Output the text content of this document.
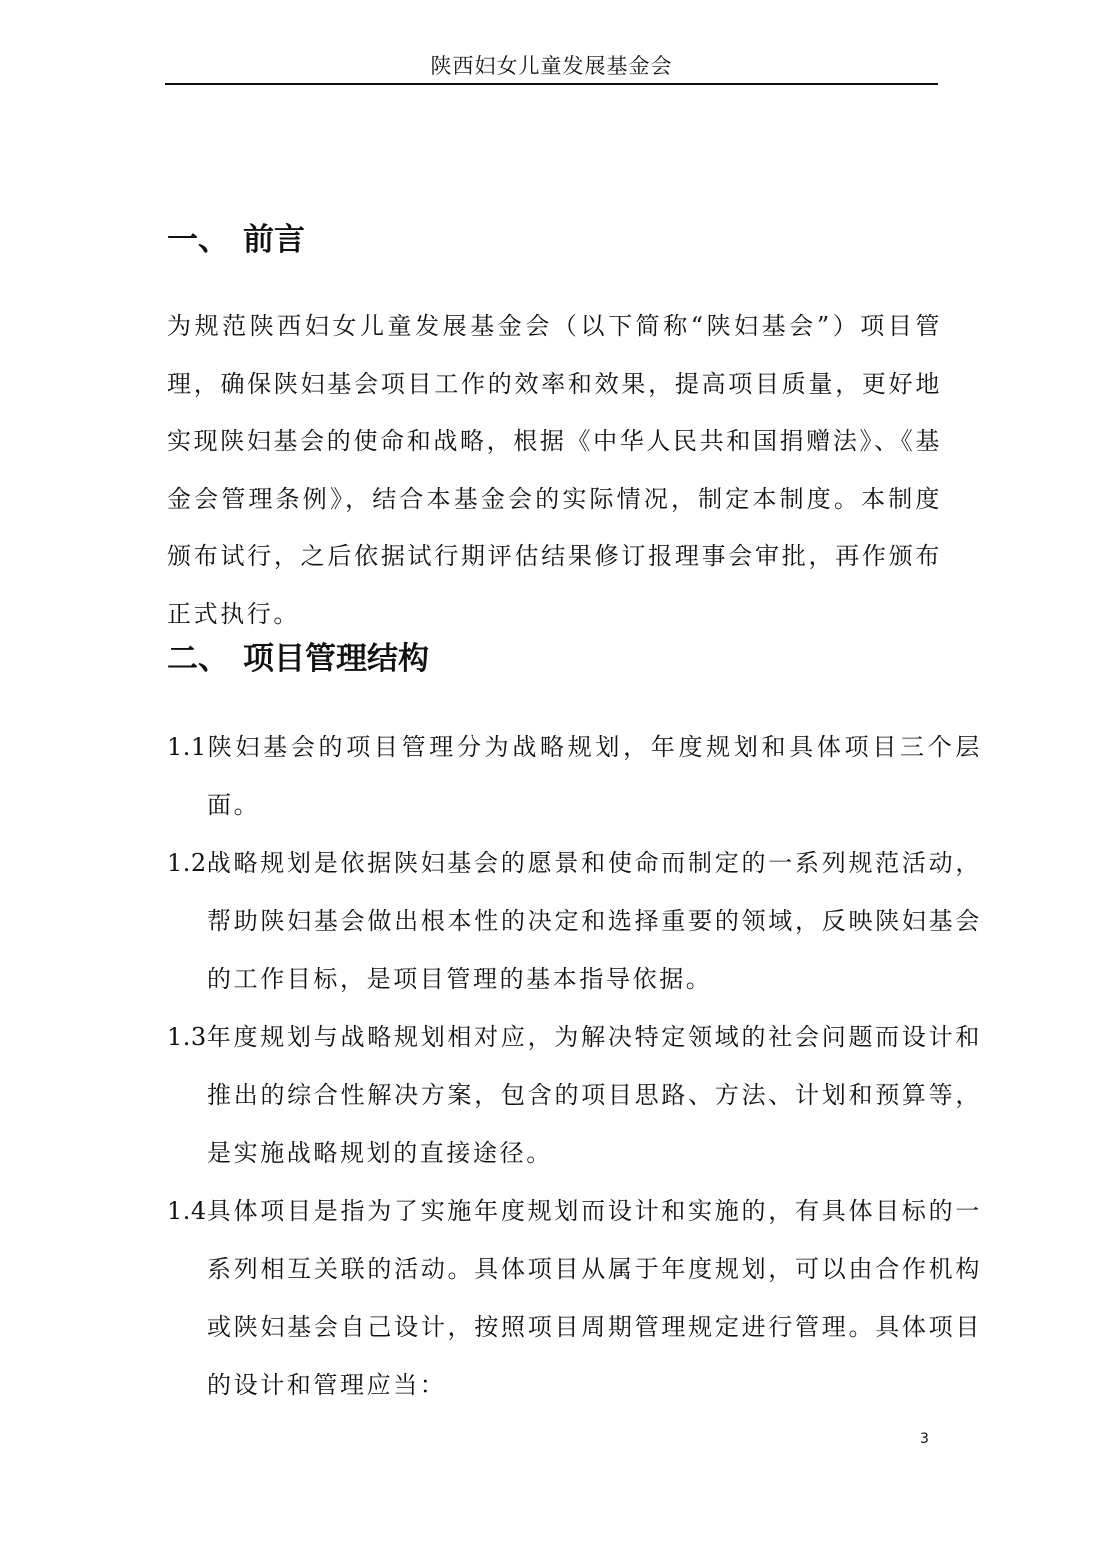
陕西妇女儿童发展基金会
一、 前言

为规范陕西妇女儿童发展基金会（以下简称“陕妇基会”）项目管理，确保陕妇基会项目工作的效率和效果，提高项目质量，更好地实现陕妇基会的使命和战略，根据《中华人民共和国捐赠法》、《基金会管理条例》，结合本基金会的实际情况，制定本制度。本制度颁布试行，之后依据试行期评估结果修订报理事会审批，再作颁布正式执行。

二、 项目管理结构

1.1陕妇基会的项目管理分为战略规划，年度规划和具体项目三个层面。

1.2战略规划是依据陕妇基会的愿景和使命而制定的一系列规范活动，帮助陕妇基会做出根本性的决定和选择重要的领域，反映陕妇基会的工作目标，是项目管理的基本指导依据。

1.3年度规划与战略规划相对应，为解决特定领域的社会问题而设计和推出的综合性解决方案，包含的项目思路、方法、计划和预算等，是实施战略规划的直接途径。

1.4具体项目是指为了实施年度规划而设计和实施的，有具体目标的一系列相互关联的活动。具体项目从属于年度规划，可以由合作机构或陕妇基会自己设计，按照项目周期管理规定进行管理。具体项目的设计和管理应当：

3
